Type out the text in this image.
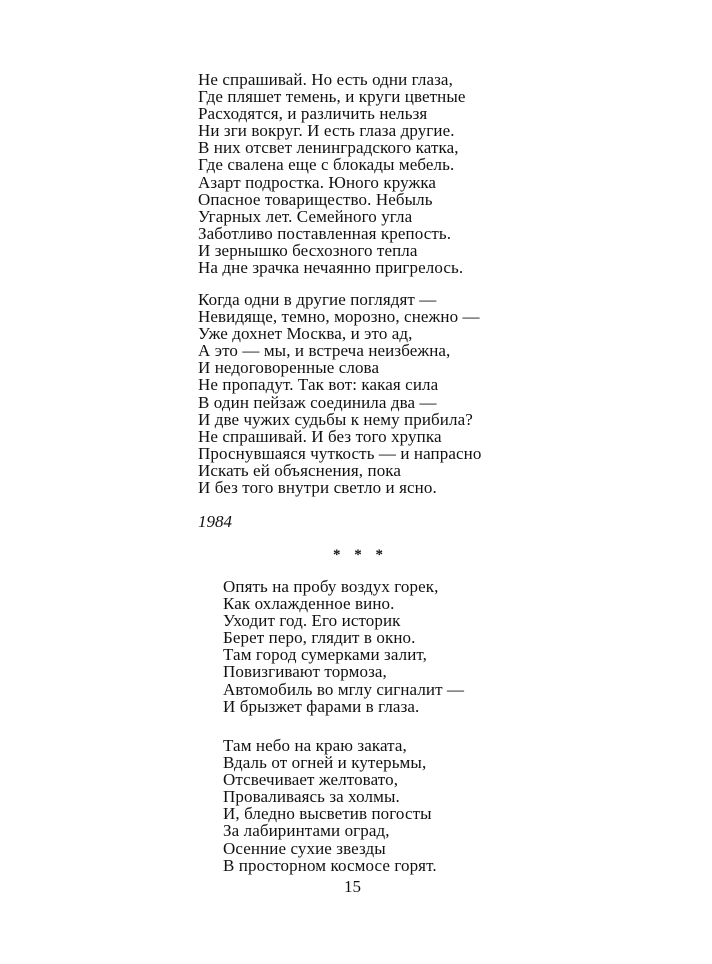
Не спрашивай. Но есть одни глаза,
Где пляшет темень, и круги цветные
Расходятся, и различить нельзя
Ни зги вокруг. И есть глаза другие.
В них отсвет ленинградского катка,
Где свалена еще с блокады мебель.
Азарт подростка. Юного кружка
Опасное товарищество. Небыль
Угарных лет. Семейного угла
Заботливо поставленная крепость.
И зернышко бесхозного тепла
На дне зрачка нечаянно пригрелось.
Когда одни в другие поглядят —
Невидяще, темно, морозно, снежно —
Уже дохнет Москва, и это ад,
А это — мы, и встреча неизбежна,
И недоговоренные слова
Не пропадут. Так вот: какая сила
В один пейзаж соединила два —
И две чужих судьбы к нему прибила?
Не спрашивай. И без того хрупка
Проснувшаяся чуткость — и напрасно
Искать ей объяснения, пока
И без того внутри светло и ясно.
1984
* * *
Опять на пробу воздух горек,
Как охлажденное вино.
Уходит год. Его историк
Берет перо, глядит в окно.
Там город сумерками залит,
Повизгивают тормоза,
Автомобиль во мглу сигналит —
И брызжет фарами в глаза.
Там небо на краю заката,
Вдаль от огней и кутерьмы,
Отсвечивает желтовато,
Проваливаясь за холмы.
И, бледно высветив погосты
За лабиринтами оград,
Осенние сухие звезды
В просторном космосе горят.
15
